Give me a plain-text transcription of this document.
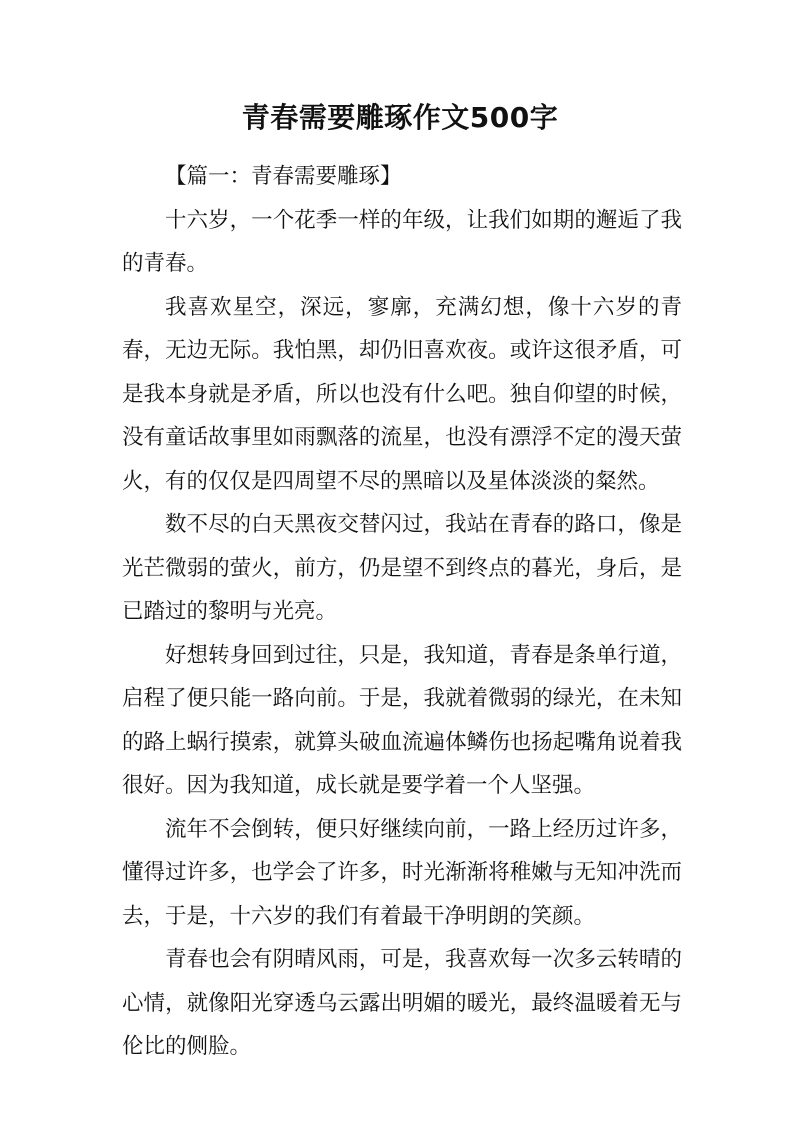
青春需要雕琢作文500字
【篇一：青春需要雕琢】

十六岁，一个花季一样的年级，让我们如期的邂逅了我的青春。

我喜欢星空，深远，寥廓，充满幻想，像十六岁的青春，无边无际。我怕黑，却仍旧喜欢夜。或许这很矛盾，可是我本身就是矛盾，所以也没有什么吧。独自仰望的时候，没有童话故事里如雨飘落的流星，也没有漂浮不定的漫天萤火，有的仅仅是四周望不尽的黑暗以及星体淡淡的粲然。

数不尽的白天黑夜交替闪过，我站在青春的路口，像是光芒微弱的萤火，前方，仍是望不到终点的暮光，身后，是已踏过的黎明与光亮。

好想转身回到过往，只是，我知道，青春是条单行道，启程了便只能一路向前。于是，我就着微弱的绿光，在未知的路上蜗行摸索，就算头破血流遍体鳞伤也扬起嘴角说着我很好。因为我知道，成长就是要学着一个人坚强。

流年不会倒转，便只好继续向前，一路上经历过许多，懂得过许多，也学会了许多，时光渐渐将稚嫩与无知冲洗而去，于是，十六岁的我们有着最干净明朗的笑颜。

青春也会有阴晴风雨，可是，我喜欢每一次多云转晴的心情，就像阳光穿透乌云露出明媚的暖光，最终温暖着无与伦比的侧脸。
